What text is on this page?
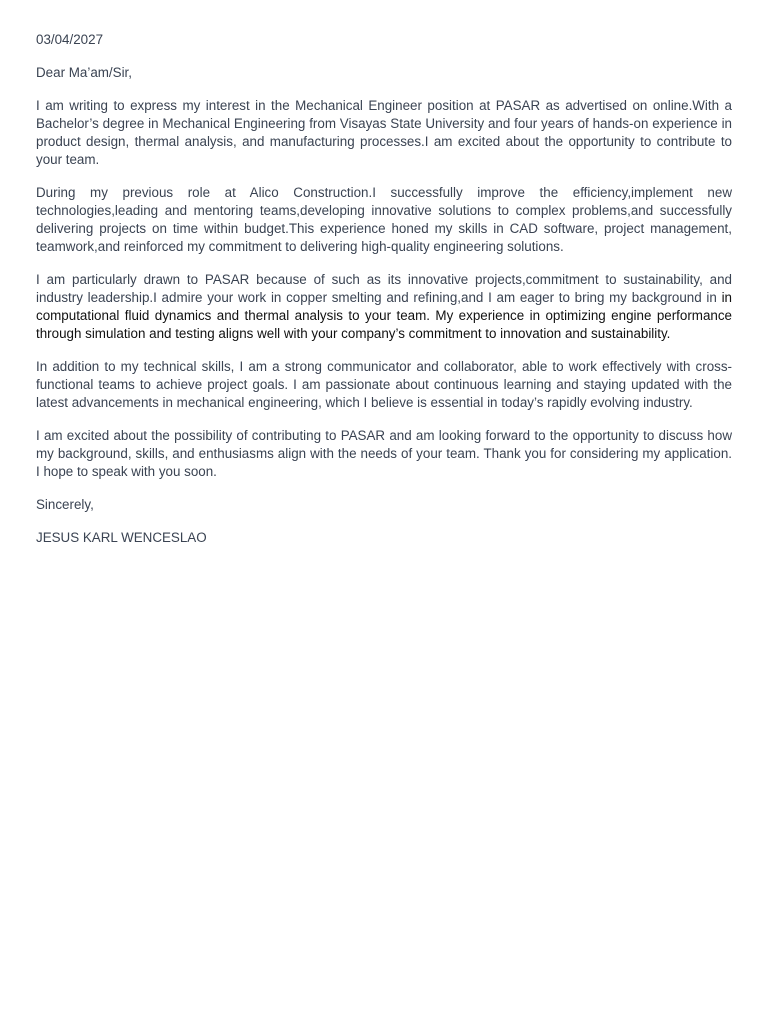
03/04/2027
Dear Ma’am/Sir,

I am writing to express my interest in the Mechanical Engineer position at PASAR as advertised on online.With a Bachelor’s degree in Mechanical Engineering from Visayas State University and four years of hands-on experience in product design, thermal analysis, and manufacturing processes.I am excited about the opportunity to contribute to your team.

During my previous role at Alico Construction.I successfully improve the efficiency,implement new technologies,leading and mentoring teams,developing innovative solutions to complex problems,and successfully delivering projects on time within budget.This experience honed my skills in CAD software, project management, teamwork,and reinforced my commitment to delivering high-quality engineering solutions.

I am particularly drawn to PASAR because of such as its innovative projects,commitment to sustainability, and industry leadership.I admire your work in copper smelting and refining,and I am eager to bring my background in in computational fluid dynamics and thermal analysis to your team. My experience in optimizing engine performance through simulation and testing aligns well with your company’s commitment to innovation and sustainability.

In addition to my technical skills, I am a strong communicator and collaborator, able to work effectively with cross-functional teams to achieve project goals. I am passionate about continuous learning and staying updated with the latest advancements in mechanical engineering, which I believe is essential in today’s rapidly evolving industry.

I am excited about the possibility of contributing to PASAR and am looking forward to the opportunity to discuss how my background, skills, and enthusiasms align with the needs of your team. Thank you for considering my application. I hope to speak with you soon.

Sincerely,
JESUS KARL WENCESLAO
